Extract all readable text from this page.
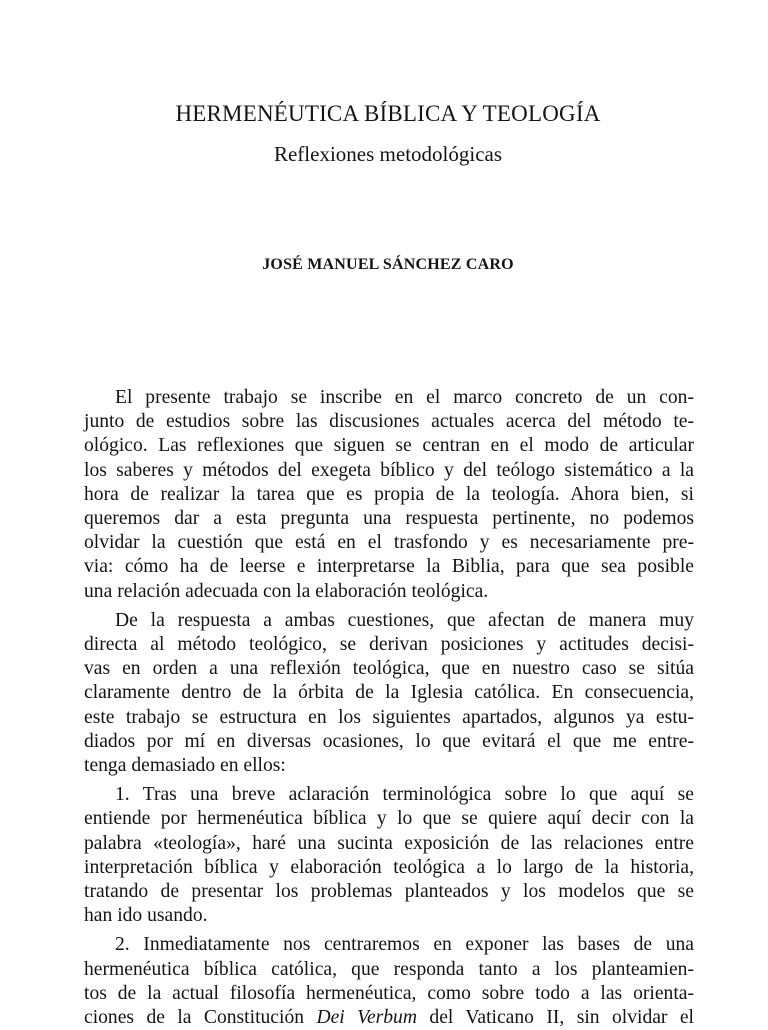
HERMENÉUTICA BÍBLICA Y TEOLOGÍA
Reflexiones metodológicas
JOSÉ MANUEL SÁNCHEZ CARO
El presente trabajo se inscribe en el marco concreto de un con-
junto de estudios sobre las discusiones actuales acerca del método te-
ológico. Las reflexiones que siguen se centran en el modo de articular
los saberes y métodos del exegeta bíblico y del teólogo sistemático a la
hora de realizar la tarea que es propia de la teología. Ahora bien, si
queremos dar a esta pregunta una respuesta pertinente, no podemos
olvidar la cuestión que está en el trasfondo y es necesariamente pre-
via: cómo ha de leerse e interpretarse la Biblia, para que sea posible
una relación adecuada con la elaboración teológica.
De la respuesta a ambas cuestiones, que afectan de manera muy
directa al método teológico, se derivan posiciones y actitudes decisi-
vas en orden a una reflexión teológica, que en nuestro caso se sitúa
claramente dentro de la órbita de la Iglesia católica. En consecuencia,
este trabajo se estructura en los siguientes apartados, algunos ya estu-
diados por mí en diversas ocasiones, lo que evitará el que me entre-
tenga demasiado en ellos:
1. Tras una breve aclaración terminológica sobre lo que aquí se
entiende por hermenéutica bíblica y lo que se quiere aquí decir con la
palabra «teología», haré una sucinta exposición de las relaciones entre
interpretación bíblica y elaboración teológica a lo largo de la historia,
tratando de presentar los problemas planteados y los modelos que se
han ido usando.
2. Inmediatamente nos centraremos en exponer las bases de una
hermenéutica bíblica católica, que responda tanto a los planteamien-
tos de la actual filosofía hermenéutica, como sobre todo a las orienta-
ciones de la Constitución Dei Verbum del Vaticano II, sin olvidar el
